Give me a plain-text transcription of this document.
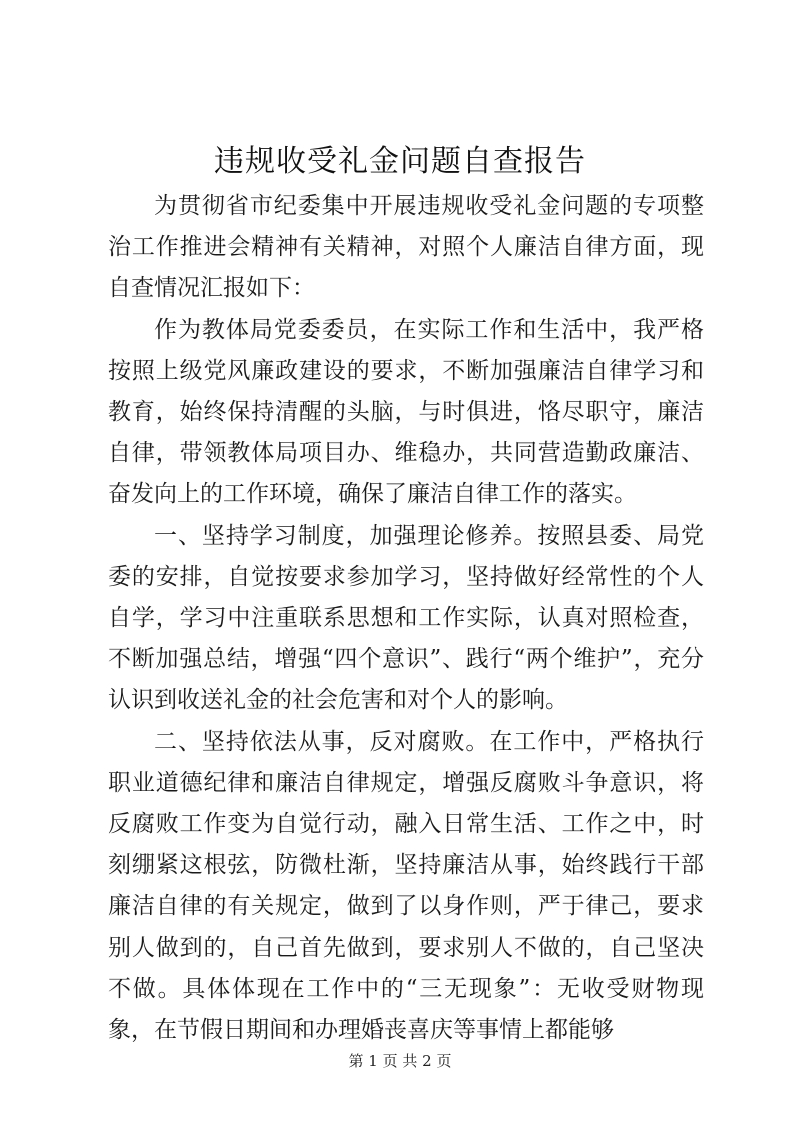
违规收受礼金问题自查报告

为贯彻省市纪委集中开展违规收受礼金问题的专项整治工作推进会精神有关精神，对照个人廉洁自律方面，现自查情况汇报如下：

作为教体局党委委员，在实际工作和生活中，我严格按照上级党风廉政建设的要求，不断加强廉洁自律学习和教育，始终保持清醒的头脑，与时俱进，恪尽职守，廉洁自律，带领教体局项目办、维稳办，共同营造勤政廉洁、奋发向上的工作环境，确保了廉洁自律工作的落实。

一、坚持学习制度，加强理论修养。按照县委、局党委的安排，自觉按要求参加学习，坚持做好经常性的个人自学，学习中注重联系思想和工作实际，认真对照检查，不断加强总结，增强“四个意识”、践行“两个维护”，充分认识到收送礼金的社会危害和对个人的影响。

二、坚持依法从事，反对腐败。在工作中，严格执行职业道德纪律和廉洁自律规定，增强反腐败斗争意识，将反腐败工作变为自觉行动，融入日常生活、工作之中，时刻绷紧这根弦，防微杜渐，坚持廉洁从事，始终践行干部廉洁自律的有关规定，做到了以身作则，严于律己，要求别人做到的，自己首先做到，要求别人不做的，自己坚决不做。具体体现在工作中的“三无现象”：无收受财物现象，在节假日期间和办理婚丧喜庆等事情上都能够

第 1 页 共 2 页
